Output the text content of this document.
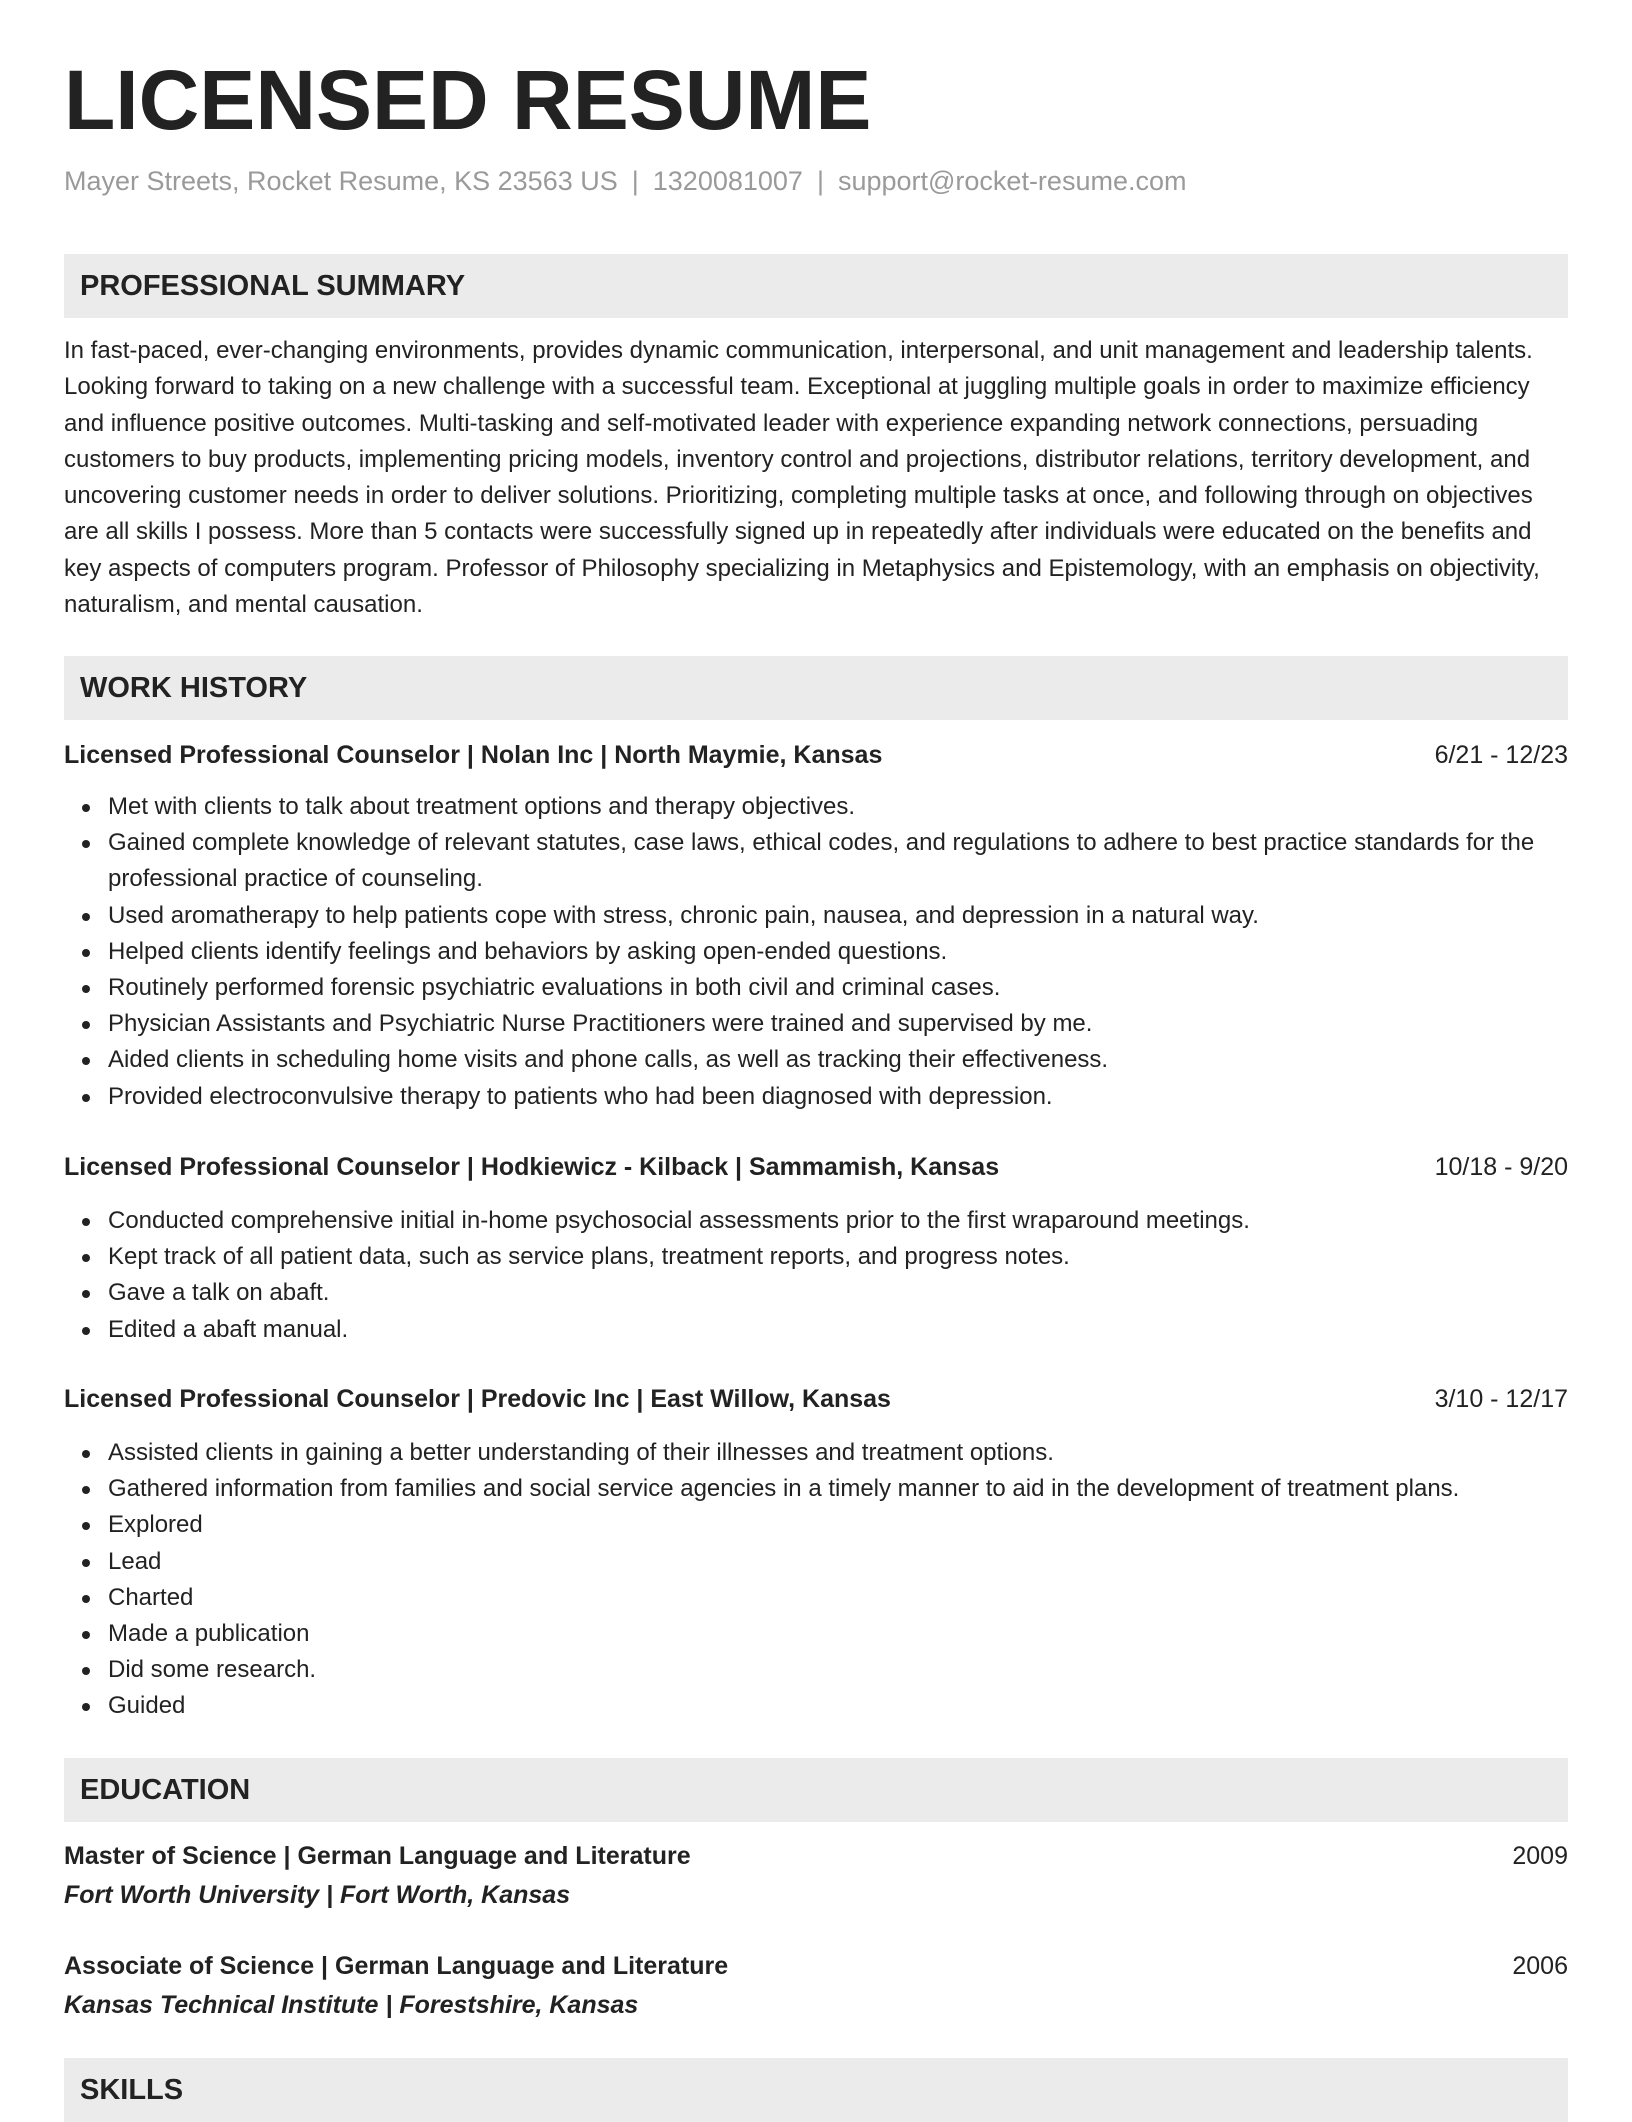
LICENSED RESUME
Mayer Streets, Rocket Resume, KS 23563 US | 1320081007 | support@rocket-resume.com
PROFESSIONAL SUMMARY

In fast-paced, ever-changing environments, provides dynamic communication, interpersonal, and unit management and leadership talents. Looking forward to taking on a new challenge with a successful team. Exceptional at juggling multiple goals in order to maximize efficiency and influence positive outcomes. Multi-tasking and self-motivated leader with experience expanding network connections, persuading customers to buy products, implementing pricing models, inventory control and projections, distributor relations, territory development, and uncovering customer needs in order to deliver solutions. Prioritizing, completing multiple tasks at once, and following through on objectives are all skills I possess. More than 5 contacts were successfully signed up in repeatedly after individuals were educated on the benefits and key aspects of computers program. Professor of Philosophy specializing in Metaphysics and Epistemology, with an emphasis on objectivity, naturalism, and mental causation.

WORK HISTORY
Licensed Professional Counselor | Nolan Inc | North Maymie, Kansas	6/21 - 12/23
Met with clients to talk about treatment options and therapy objectives.
Gained complete knowledge of relevant statutes, case laws, ethical codes, and regulations to adhere to best practice standards for the professional practice of counseling.
Used aromatherapy to help patients cope with stress, chronic pain, nausea, and depression in a natural way.
Helped clients identify feelings and behaviors by asking open-ended questions.
Routinely performed forensic psychiatric evaluations in both civil and criminal cases.
Physician Assistants and Psychiatric Nurse Practitioners were trained and supervised by me.
Aided clients in scheduling home visits and phone calls, as well as tracking their effectiveness.
Provided electroconvulsive therapy to patients who had been diagnosed with depression.
Licensed Professional Counselor | Hodkiewicz - Kilback | Sammamish, Kansas	10/18 - 9/20
Conducted comprehensive initial in-home psychosocial assessments prior to the first wraparound meetings.
Kept track of all patient data, such as service plans, treatment reports, and progress notes.
Gave a talk on abaft.
Edited a abaft manual.
Licensed Professional Counselor | Predovic Inc | East Willow, Kansas	3/10 - 12/17
Assisted clients in gaining a better understanding of their illnesses and treatment options.
Gathered information from families and social service agencies in a timely manner to aid in the development of treatment plans.
Explored
Lead
Charted
Made a publication
Did some research.
Guided
EDUCATION
Master of Science | German Language and Literature	2009
Fort Worth University | Fort Worth, Kansas
Associate of Science | German Language and Literature	2006
Kansas Technical Institute | Forestshire, Kansas
SKILLS
